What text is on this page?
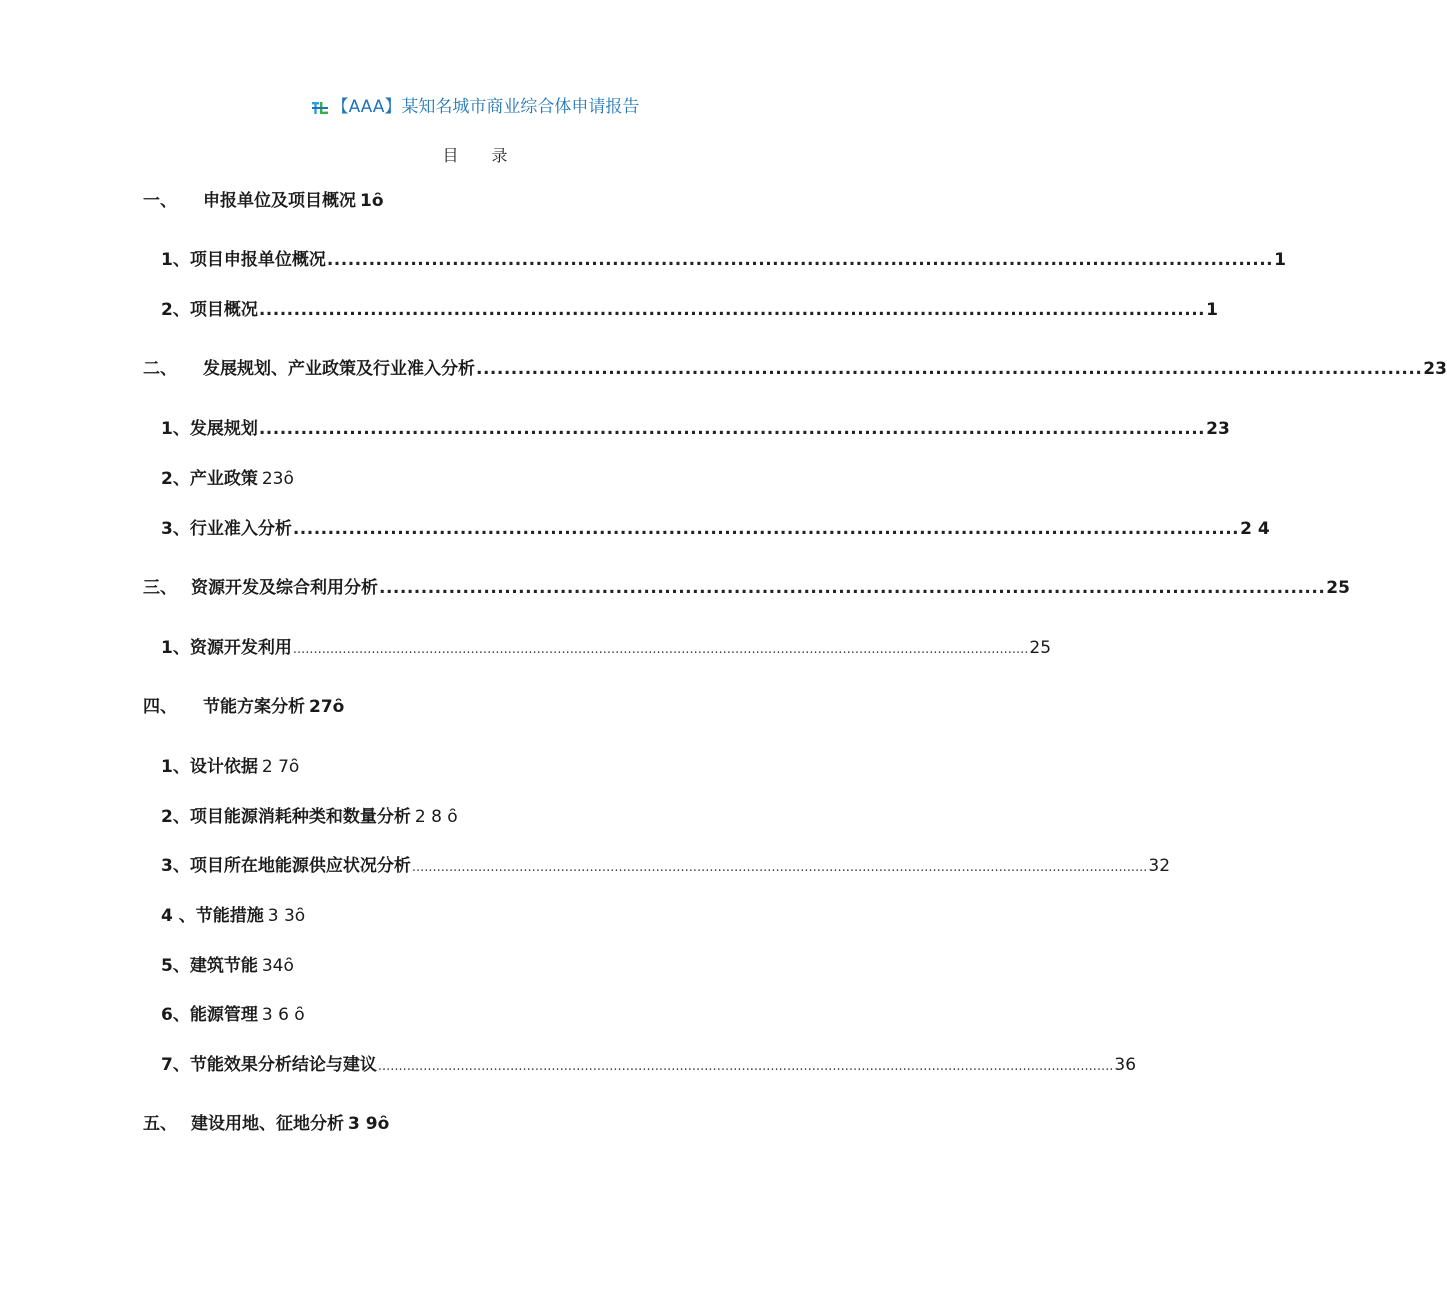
【AAA】某知名城市商业综合体申请报告
目 录
一、 申报单位及项目概况 1ȏ
1、 项目申报单位概况 ........................................................................................................................................ 1
2、 项目概况 ........................................................................................................................................ 1
二、 发展规划、产业政策及行业准入分析 ........................................................................................................................................ 23
1、 发展规划 ........................................................................................................................................ 23
2、 产业政策 23ȏ
3、 行业准入分析 ........................................................................................................................................ 2 4
三、 资源开发及综合利用分析 ........................................................................................................................................ 25
1、 资源开发利用 .................................................................................................................................................................................. 25
四、 节能方案分析 27ȏ
1、 设计依据 2 7ȏ
2、 项目能源消耗种类和数量分析 2 8 ȏ
3、 项目所在地能源供应状况分析 .................................................................................................................................................................................. 32
4 、 节能措施 3 3ȏ
5、 建筑节能 34ȏ
6、 能源管理 3 6 ȏ
7、 节能效果分析结论与建议 .................................................................................................................................................................................. 36
五、 建设用地、征地分析 3 9ȏ
